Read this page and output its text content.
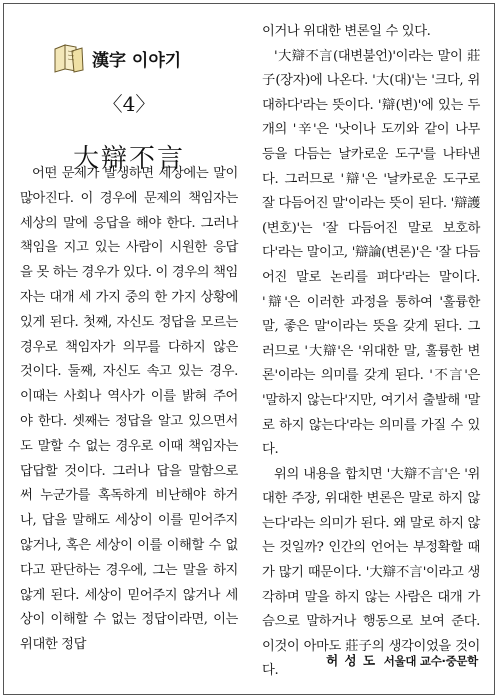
漢字 이야기
〈4〉
大辯不言

어떤 문제가 발생하면 세상에는 말이 많아진다. 이 경우에 문제의 책임자는 세상의 말에 응답을 해야 한다. 그러나 책임을 지고 있는 사람이 시원한 응답을 못 하는 경우가 있다. 이 경우의 책임자는 대개 세 가지 중의 한 가지 상황에 있게 된다. 첫째, 자신도 정답을 모르는 경우로 책임자가 의무를 다하지 않은 것이다. 둘째, 자신도 속고 있는 경우. 이때는 사회나 역사가 이를 밝혀 주어야 한다. 셋째는 정답을 알고 있으면서도 말할 수 없는 경우로 이때 책임자는 답답할 것이다. 그러나 답을 말함으로써 누군가를 혹독하게 비난해야 하거나, 답을 말해도 세상이 이를 믿어주지 않거나, 혹은 세상이 이를 이해할 수 없다고 판단하는 경우에, 그는 말을 하지 않게 된다. 세상이 믿어주지 않거나 세상이 이해할 수 없는 정답이라면, 이는 위대한 정답

이거나 위대한 변론일 수 있다.

'大辯不言(대변불언)'이라는 말이 莊子(장자)에 나온다. '大(대)'는 '크다, 위대하다'라는 뜻이다. '辯(변)'에 있는 두 개의 '辛'은 '낫이나 도끼와 같이 나무 등을 다듬는 날카로운 도구'를 나타낸다. 그러므로 '辯'은 '날카로운 도구로 잘 다듬어진 말'이라는 뜻이 된다. '辯護(변호)'는 '잘 다듬어진 말로 보호하다'라는 말이고, '辯論(변론)'은 '잘 다듬어진 말로 논리를 펴다'라는 말이다. '辯'은 이러한 과정을 통하여 '훌륭한 말, 좋은 말'이라는 뜻을 갖게 된다. 그러므로 '大辯'은 '위대한 말, 훌륭한 변론'이라는 의미를 갖게 된다. '不言'은 '말하지 않는다'지만, 여기서 출발해 '말로 하지 않는다'라는 의미를 가질 수 있다.

위의 내용을 합치면 '大辯不言'은 '위대한 주장, 위대한 변론은 말로 하지 않는다'라는 의미가 된다. 왜 말로 하지 않는 것일까? 인간의 언어는 부정확할 때가 많기 때문이다. '大辯不言'이라고 생각하며 말을 하지 않는 사람은 대개 가슴으로 말하거나 행동으로 보여 준다. 이것이 아마도 莊子의 생각이었을 것이다.

허 성 도 서울대 교수·중문학
